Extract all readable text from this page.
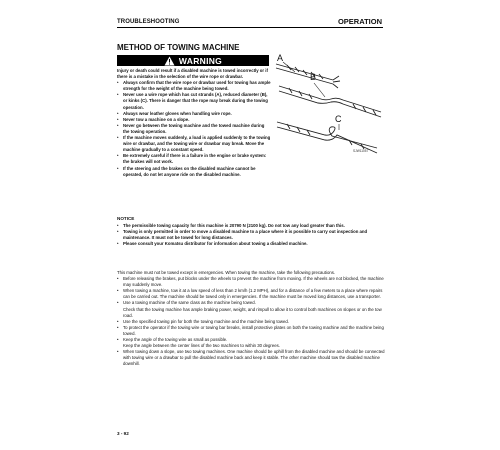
TROUBLESHOOTING	OPERATION
METHOD OF TOWING MACHINE
WARNING

Injury or death could result if a disabled machine is towed incorrectly or if there is a mistake in the selection of the wire rope or drawbar.

• Always confirm that the wire rope or drawbar used for towing has ample strength for the weight of the machine being towed.
• Never use a wire rope which has cut strands (A), reduced diameter (B), or kinks (C). There is danger that the rope may break during the towing operation.
• Always wear leather gloves when handling wire rope.
• Never tow a machine on a slope.
• Never go between the towing machine and the towed machine during the towing operation.
• If the machine moves suddenly, a load is applied suddenly to the towing wire or drawbar, and the towing wire or drawbar may break. Move the machine gradually to a constant speed.
• Be extremely careful if there is a failure in the engine or brake system: the brakes will not work.
• If the steering and the brakes on the disabled machine cannot be operated, do not let anyone ride on the disabled machine.
A
B
C
SJW11057
NOTICE
• The permissible towing capacity for this machine is 20790 N (2100 kg). Do not tow any load greater than this.
• Towing is only permitted in order to move a disabled machine to a place where it is possible to carry out inspection and maintenance. It must not be towed for long distances.
• Please consult your Komatsu distributor for information about towing a disabled machine.

This machine must not be towed except in emergencies. When towing the machine, take the following precautions.

• Before releasing the brakes, put blocks under the wheels to prevent the machine from moving. If the wheels are not blocked, the machine may suddenly move.
• When towing a machine, tow it at a low speed of less than 2 km/h (1.2 MPH), and for a distance of a few meters to a place where repairs can be carried out. The machine should be towed only in emergencies. If the machine must be moved long distances, use a transporter.
• Use a towing machine of the same class as the machine being towed.
Check that the towing machine has ample braking power, weight, and rimpull to allow it to control both machines on slopes or on the tow road.
• Use the specified towing pin for both the towing machine and the machine being towed.
• To protect the operator if the towing wire or towing bar breaks, install protective plates on both the towing machine and the machine being towed.
• Keep the angle of the towing wire as small as possible.
Keep the angle between the center lines of the two machines to within 30 degrees.
• When towing down a slope, use two towing machines. One machine should be uphill from the disabled machine and should be connected with towing wire or a drawbar to pull the disabled machine back and keep it stable. The other machine should tow the disabled machine downhill.
3 - 92
